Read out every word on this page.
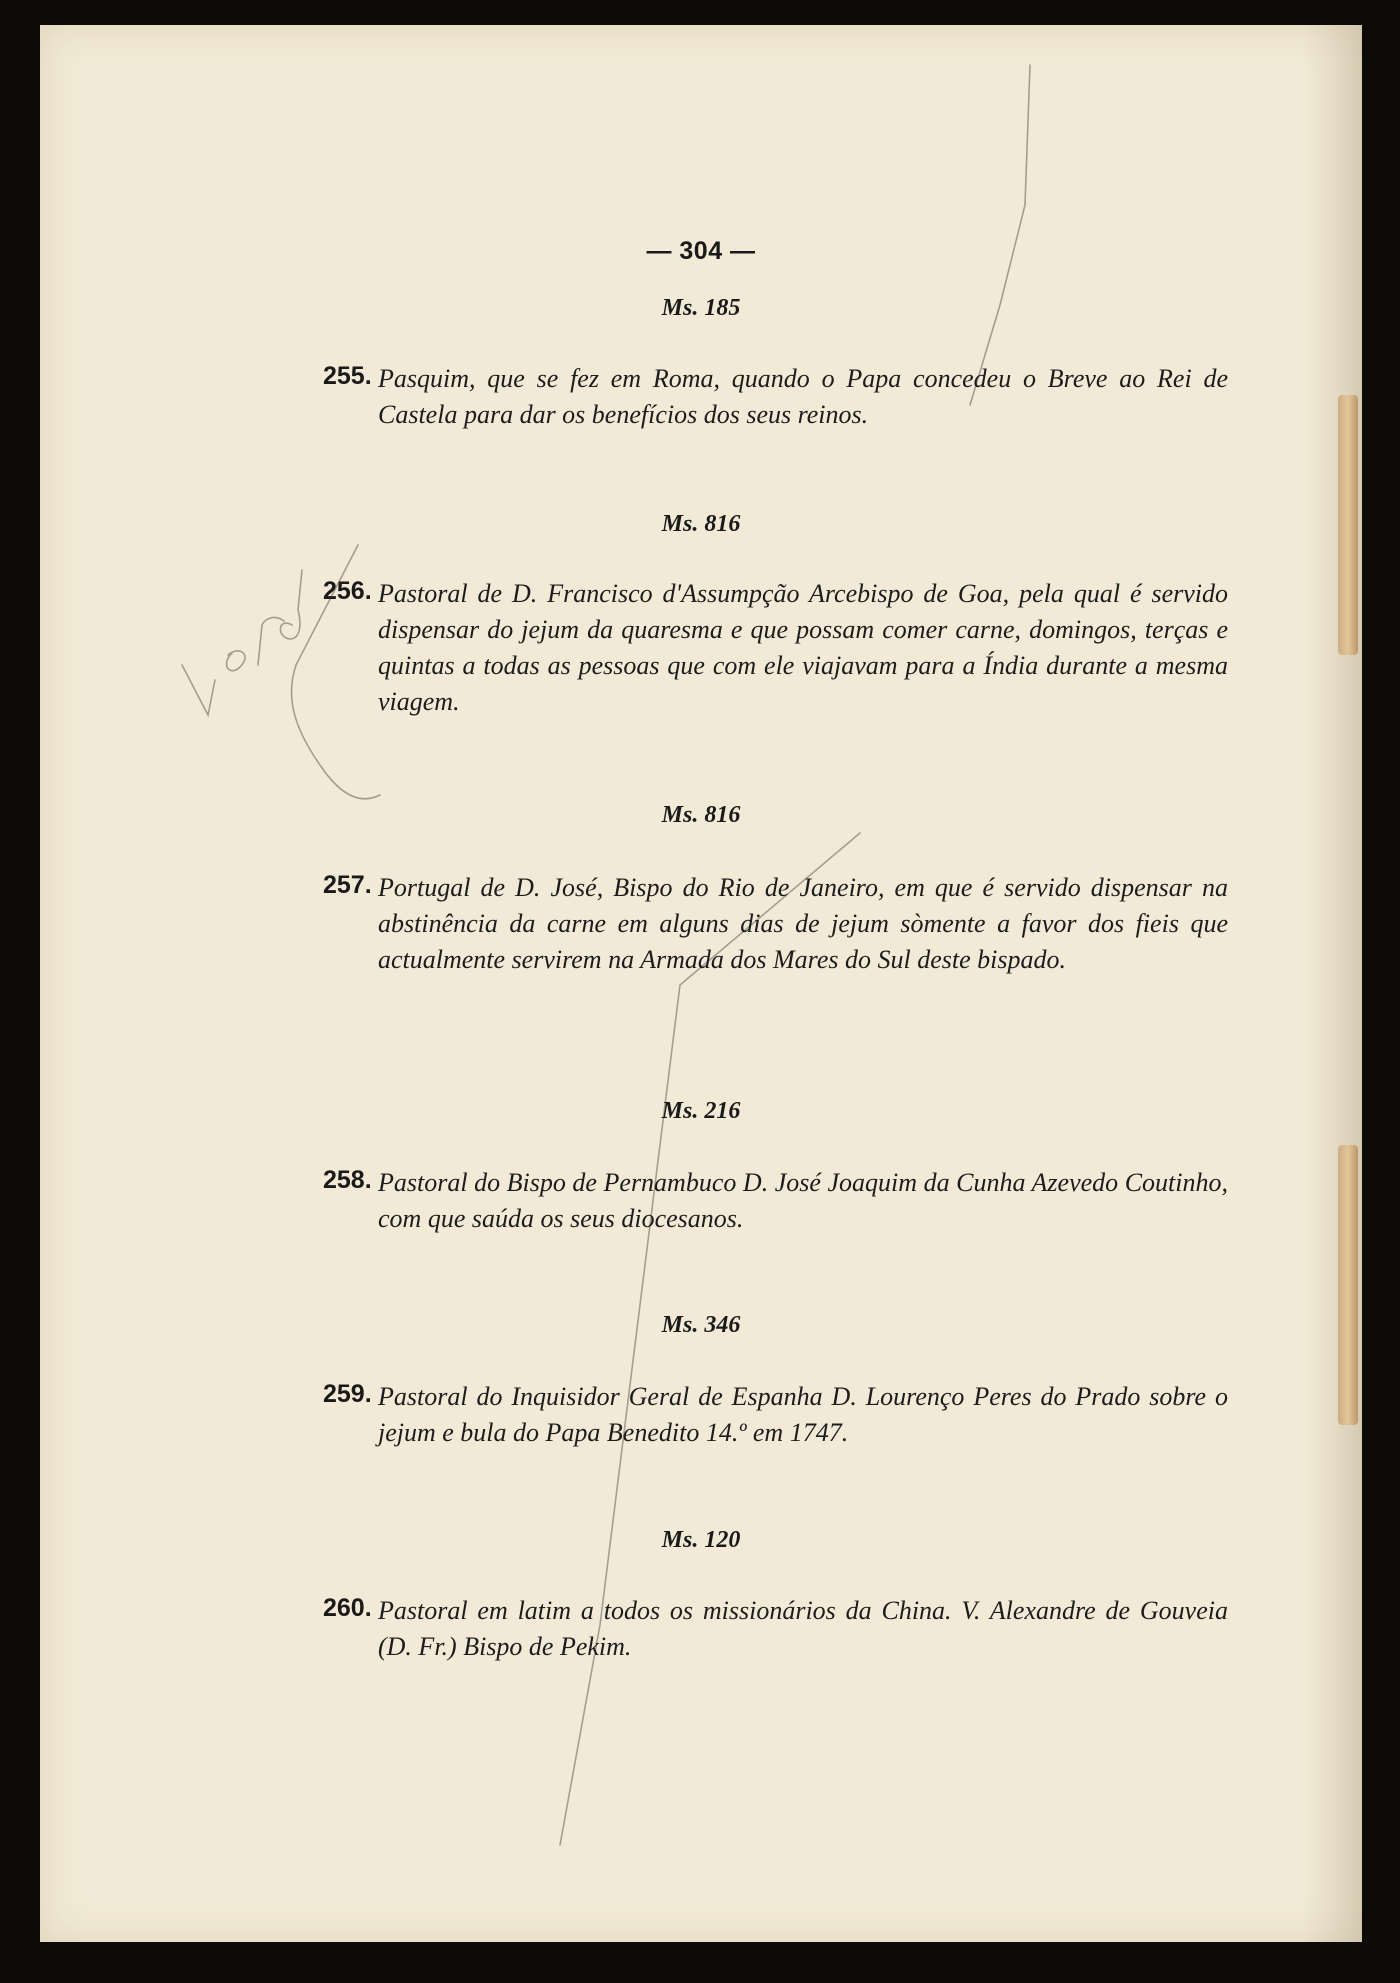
— 304 —
Ms. 185
255. Pasquim, que se fez em Roma, quando o Papa concedeu o Breve ao Rei de Castela para dar os benefícios dos seus reinos.

Ms. 816
256. Pastoral de D. Francisco d'Assumpção Arcebispo de Goa, pela qual é servido dispensar do jejum da quaresma e que possam comer carne, domingos, terças e quintas a todas as pessoas que com ele viajavam para a Índia durante a mesma viagem.

Ms. 816
257. Portugal de D. José, Bispo do Rio de Janeiro, em que é servido dispensar na abstinência da carne em alguns dias de jejum sòmente a favor dos fieis que actualmente servirem na Armada dos Mares do Sul deste bispado.

Ms. 216
258. Pastoral do Bispo de Pernambuco D. José Joaquim da Cunha Azevedo Coutinho, com que saúda os seus diocesanos.

Ms. 346
259. Pastoral do Inquisidor Geral de Espanha D. Lourenço Peres do Prado sobre o jejum e bula do Papa Benedito 14.º em 1747.

Ms. 120
260. Pastoral em latim a todos os missionários da China. V. Alexandre de Gouveia (D. Fr.) Bispo de Pekim.
